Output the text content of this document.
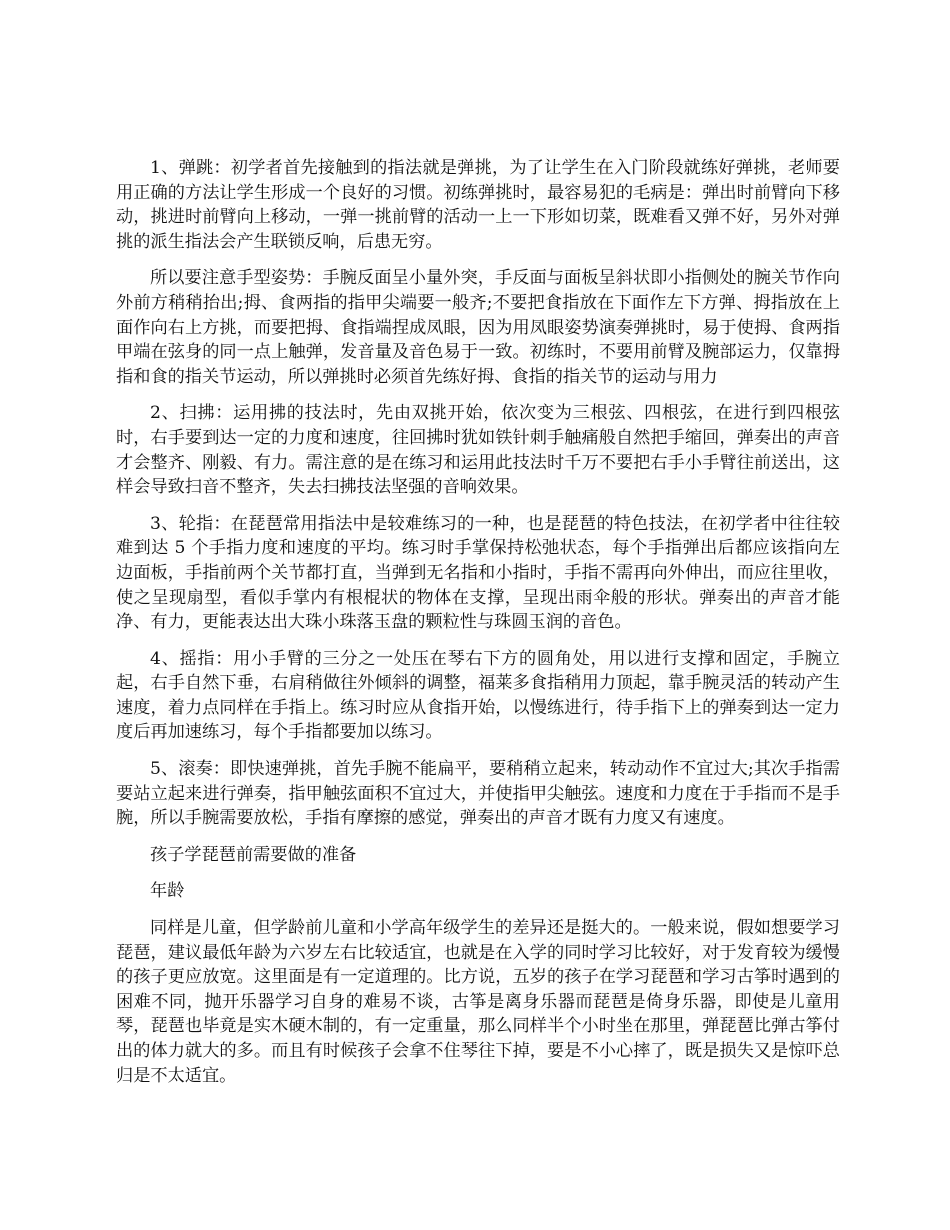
1、弹跳：初学者首先接触到的指法就是弹挑，为了让学生在入门阶段就练好弹挑，老师要用正确的方法让学生形成一个良好的习惯。初练弹挑时，最容易犯的毛病是：弹出时前臂向下移动，挑进时前臂向上移动，一弹一挑前臂的活动一上一下形如切菜，既难看又弹不好，另外对弹挑的派生指法会产生联锁反响，后患无穷。

所以要注意手型姿势：手腕反面呈小量外突，手反面与面板呈斜状即小指侧处的腕关节作向外前方稍稍抬出;拇、食两指的指甲尖端要一般齐;不要把食指放在下面作左下方弹、拇指放在上面作向右上方挑，而要把拇、食指端捏成凤眼，因为用凤眼姿势演奏弹挑时，易于使拇、食两指甲端在弦身的同一点上触弹，发音量及音色易于一致。初练时，不要用前臂及腕部运力，仅靠拇指和食的指关节运动，所以弹挑时必须首先练好拇、食指的指关节的运动与用力

2、扫拂：运用拂的技法时，先由双挑开始，依次变为三根弦、四根弦，在进行到四根弦时，右手要到达一定的力度和速度，往回拂时犹如铁针刺手触痛般自然把手缩回，弹奏出的声音才会整齐、刚毅、有力。需注意的是在练习和运用此技法时千万不要把右手小手臂往前送出，这样会导致扫音不整齐，失去扫拂技法坚强的音响效果。

3、轮指：在琵琶常用指法中是较难练习的一种，也是琵琶的特色技法，在初学者中往往较难到达 5 个手指力度和速度的平均。练习时手掌保持松弛状态，每个手指弹出后都应该指向左边面板，手指前两个关节都打直，当弹到无名指和小指时，手指不需再向外伸出，而应往里收，使之呈现扇型，看似手掌内有根棍状的物体在支撑，呈现出雨伞般的形状。弹奏出的声音才能净、有力，更能表达出大珠小珠落玉盘的颗粒性与珠圆玉润的音色。

4、摇指：用小手臂的三分之一处压在琴右下方的圆角处，用以进行支撑和固定，手腕立起，右手自然下垂，右肩稍做往外倾斜的调整，福莱多食指稍用力顶起，靠手腕灵活的转动产生速度，着力点同样在手指上。练习时应从食指开始，以慢练进行，待手指下上的弹奏到达一定力度后再加速练习，每个手指都要加以练习。

5、滚奏：即快速弹挑，首先手腕不能扁平，要稍稍立起来，转动动作不宜过大;其次手指需要站立起来进行弹奏，指甲触弦面积不宜过大，并使指甲尖触弦。速度和力度在于手指而不是手腕，所以手腕需要放松，手指有摩擦的感觉，弹奏出的声音才既有力度又有速度。

孩子学琵琶前需要做的准备

年龄

同样是儿童，但学龄前儿童和小学高年级学生的差异还是挺大的。一般来说，假如想要学习琵琶，建议最低年龄为六岁左右比较适宜，也就是在入学的同时学习比较好，对于发育较为缓慢的孩子更应放宽。这里面是有一定道理的。比方说，五岁的孩子在学习琵琶和学习古筝时遇到的困难不同，抛开乐器学习自身的难易不谈，古筝是离身乐器而琵琶是倚身乐器，即使是儿童用琴，琵琶也毕竟是实木硬木制的，有一定重量，那么同样半个小时坐在那里，弹琵琶比弹古筝付出的体力就大的多。而且有时候孩子会拿不住琴往下掉，要是不小心摔了，既是损失又是惊吓总归是不太适宜。
